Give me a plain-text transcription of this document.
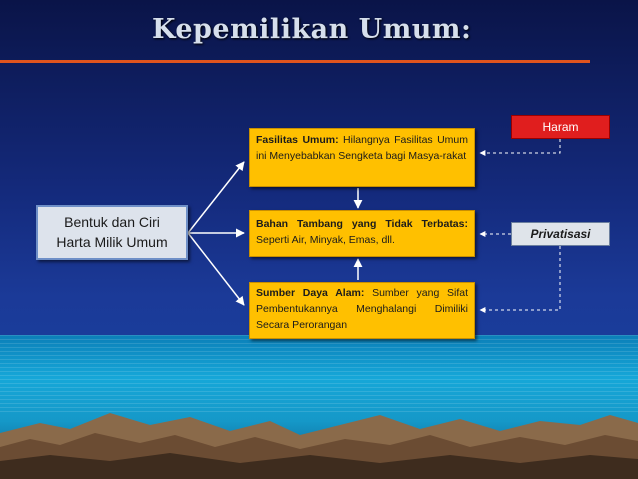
Kepemilikan Umum:
Bentuk dan Ciri
Harta Milik Umum
Fasilitas Umum: Hilangnya Fasilitas Umum ini Menyebabkan Sengketa bagi Masya-rakat
Bahan Tambang yang Tidak Terbatas: Seperti Air, Minyak, Emas, dll.
Sumber Daya Alam: Sumber yang Sifat Pembentukannya Menghalangi Dimiliki Secara Perorangan
Haram
Privatisasi
